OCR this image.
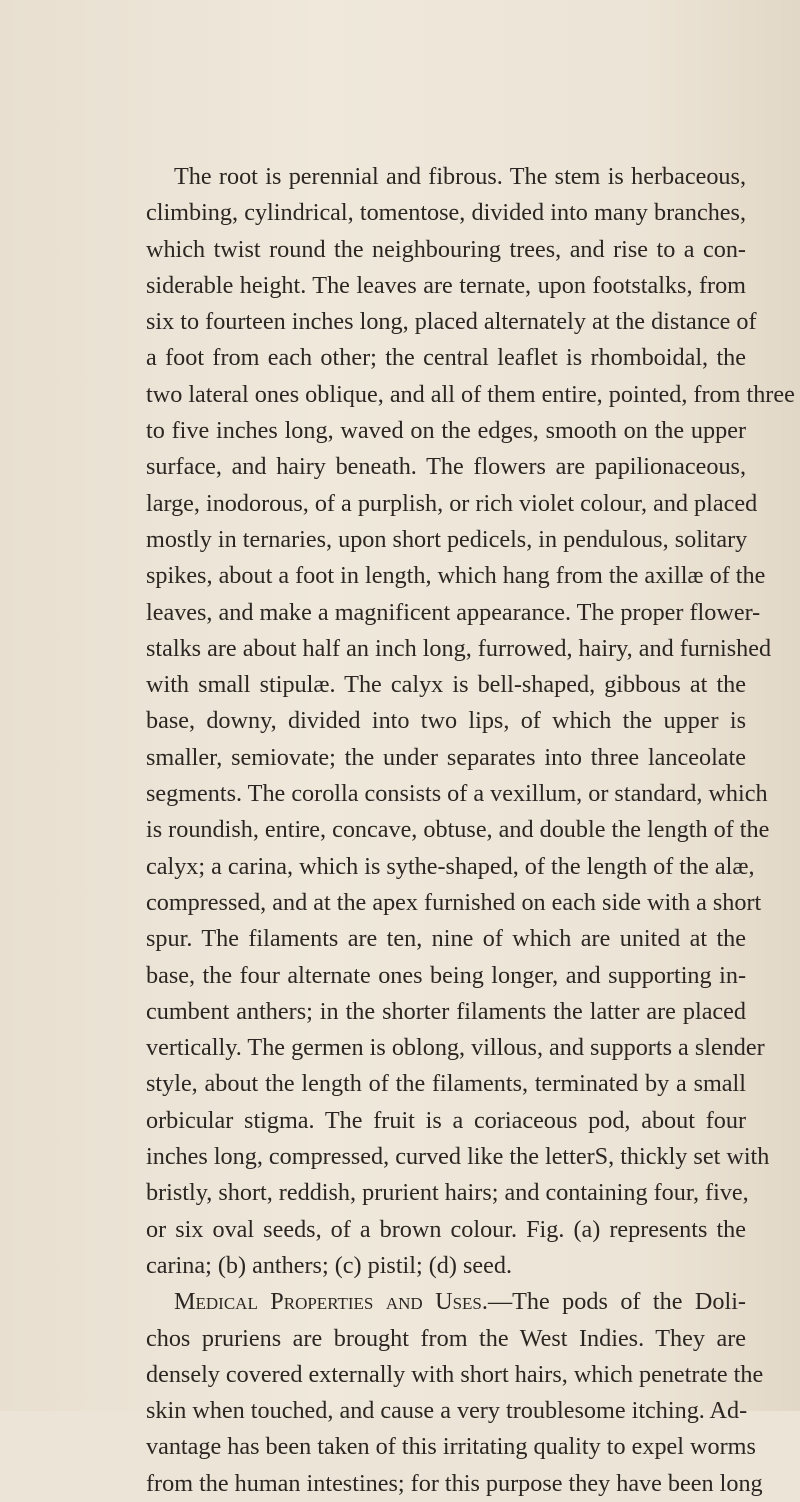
The root is perennial and fibrous. The stem is herbaceous,
climbing, cylindrical, tomentose, divided into many branches,
which twist round the neighbouring trees, and rise to a con-
siderable height. The leaves are ternate, upon footstalks, from
six to fourteen inches long, placed alternately at the distance of
a foot from each other; the central leaflet is rhomboidal, the
two lateral ones oblique, and all of them entire, pointed, from three
to five inches long, waved on the edges, smooth on the upper
surface, and hairy beneath. The flowers are papilionaceous,
large, inodorous, of a purplish, or rich violet colour, and placed
mostly in ternaries, upon short pedicels, in pendulous, solitary
spikes, about a foot in length, which hang from the axillæ of the
leaves, and make a magnificent appearance. The proper flower-
stalks are about half an inch long, furrowed, hairy, and furnished
with small stipulæ. The calyx is bell-shaped, gibbous at the
base, downy, divided into two lips, of which the upper is
smaller, semiovate; the under separates into three lanceolate
segments. The corolla consists of a vexillum, or standard, which
is roundish, entire, concave, obtuse, and double the length of the
calyx; a carina, which is sythe-shaped, of the length of the alæ,
compressed, and at the apex furnished on each side with a short
spur. The filaments are ten, nine of which are united at the
base, the four alternate ones being longer, and supporting in-
cumbent anthers; in the shorter filaments the latter are placed
vertically. The germen is oblong, villous, and supports a slender
style, about the length of the filaments, terminated by a small
orbicular stigma. The fruit is a coriaceous pod, about four
inches long, compressed, curved like the letterS, thickly set with
bristly, short, reddish, prurient hairs; and containing four, five,
or six oval seeds, of a brown colour. Fig. (a) represents the
carina; (b) anthers; (c) pistil; (d) seed.
Medical Properties and Uses.—The pods of the Doli-
chos pruriens are brought from the West Indies. They are
densely covered externally with short hairs, which penetrate the
skin when touched, and cause a very troublesome itching. Ad-
vantage has been taken of this irritating quality to expel worms
from the human intestines; for this purpose they have been long
